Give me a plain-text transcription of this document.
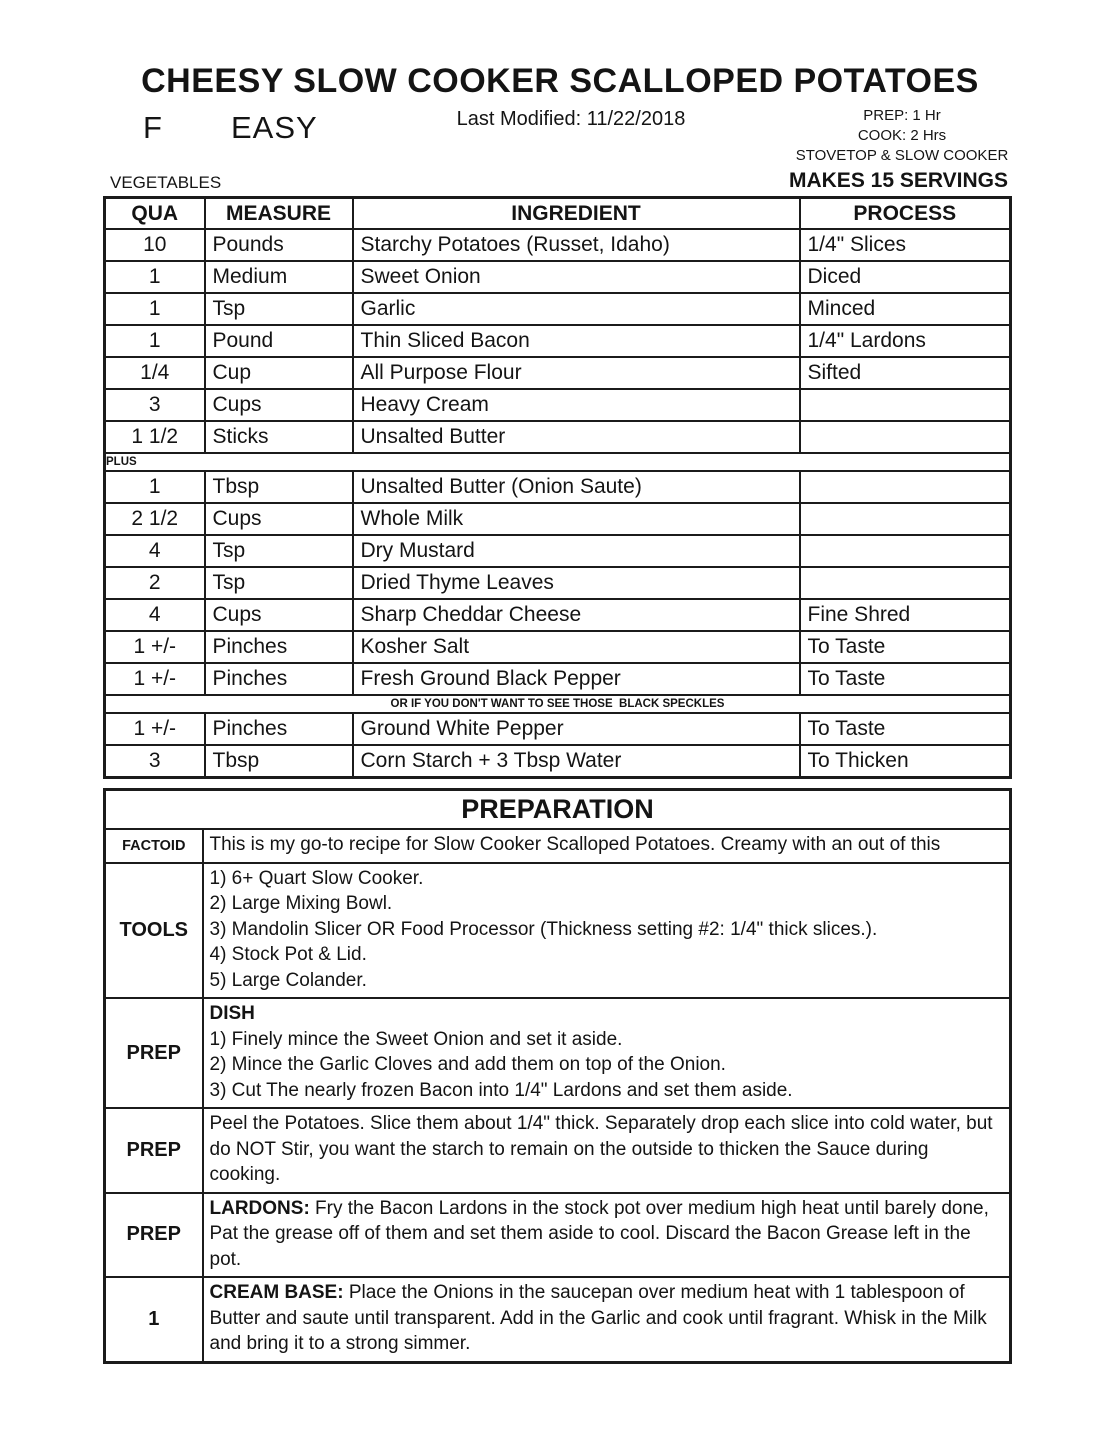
CHEESY SLOW COOKER SCALLOPED POTATOES
F EASY	Last Modified: 11/22/2018	PREP: 1 Hr
COOK: 2 Hrs
STOVETOP & SLOW COOKER
VEGETABLES	MAKES 15 SERVINGS
QUA	MEASURE	INGREDIENT	PROCESS
10	Pounds	Starchy Potatoes (Russet, Idaho)	1/4" Slices
1	Medium	Sweet Onion	Diced
1	Tsp	Garlic	Minced
1	Pound	Thin Sliced Bacon	1/4" Lardons
1/4	Cup	All Purpose Flour	Sifted
3	Cups	Heavy Cream	
1 1/2	Sticks	Unsalted Butter	
PLUS			
1	Tbsp	Unsalted Butter (Onion Saute)	
2 1/2	Cups	Whole Milk	
4	Tsp	Dry Mustard	
2	Tsp	Dried Thyme Leaves	
4	Cups	Sharp Cheddar Cheese	Fine Shred
1 +/-	Pinches	Kosher Salt	To Taste
1 +/-	Pinches	Fresh Ground Black Pepper	To Taste
OR IF YOU DON'T WANT TO SEE THOSE  BLACK SPECKLES			
1 +/-	Pinches	Ground White Pepper	To Taste
3	Tbsp	Corn Starch + 3 Tbsp Water	To Thicken
PREPARATION	
FACTOID	This is my go-to recipe for Slow Cooker Scalloped Potatoes. Creamy with an out of this

TOOLS	1) 6+ Quart Slow Cooker.
2) Large Mixing Bowl.
3) Mandolin Slicer OR Food Processor (Thickness setting #2: 1/4" thick slices.).
4) Stock Pot & Lid.
5) Large Colander.

PREP	DISH
1) Finely mince the Sweet Onion and set it aside.
2) Mince the Garlic Cloves and add them on top of the Onion.
3) Cut The nearly frozen Bacon into 1/4" Lardons and set them aside.

PREP	Peel the Potatoes. Slice them about 1/4" thick. Separately drop each slice into cold water, but do NOT Stir, you want the starch to remain on the outside to thicken the Sauce during cooking.

PREP	LARDONS: Fry the Bacon Lardons in the stock pot over medium high heat until barely done, Pat the grease off of them and set them aside to cool. Discard the Bacon Grease left in the pot.

1	CREAM BASE: Place the Onions in the saucepan over medium heat with 1 tablespoon of Butter and saute until transparent. Add in the Garlic and cook until fragrant. Whisk in the Milk and bring it to a strong simmer.
